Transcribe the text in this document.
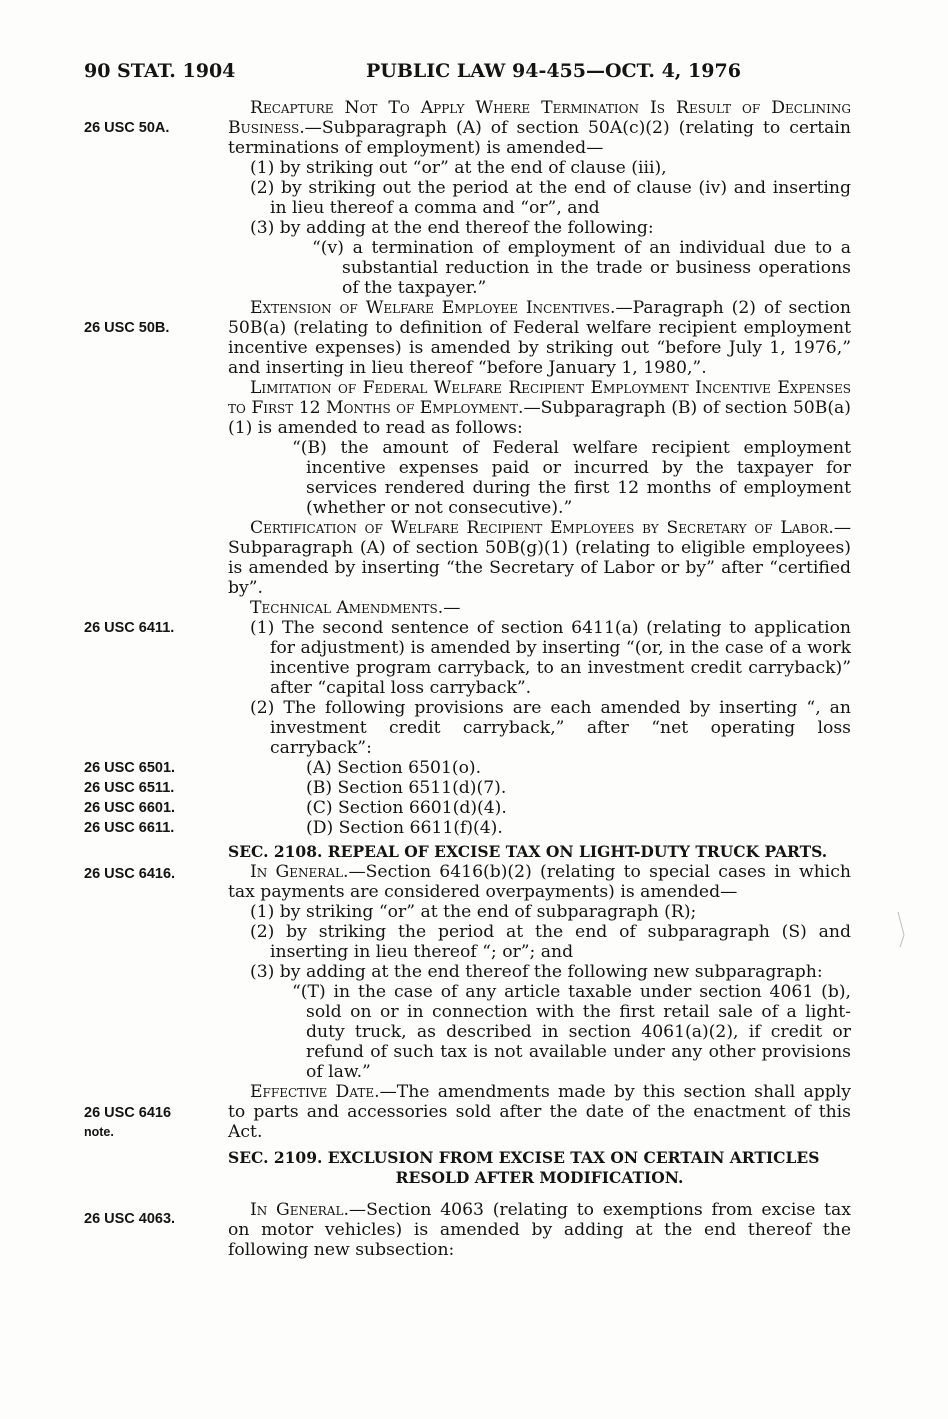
90 STAT. 1904	PUBLIC LAW 94-455—OCT. 4, 1976
26 USC 50A.
26 USC 50B.
26 USC 6411.
26 USC 6501.
26 USC 6511.
26 USC 6601.
26 USC 6611.
26 USC 6416.
26 USC 6416
note.
26 USC 4063.

Recapture Not To Apply Where Termination Is Result of Declining Business.—Subparagraph (A) of section 50A(c)(2) (relating to certain terminations of employment) is amended—

(1) by striking out “or” at the end of clause (iii),

(2) by striking out the period at the end of clause (iv) and inserting in lieu thereof a comma and “or”, and

(3) by adding at the end thereof the following:

“(v) a termination of employment of an individual due to a substantial reduction in the trade or business operations of the taxpayer.”

Extension of Welfare Employee Incentives.—Paragraph (2) of section 50B(a) (relating to definition of Federal welfare recipient employment incentive expenses) is amended by striking out “before July 1, 1976,” and inserting in lieu thereof “before January 1, 1980,”.

Limitation of Federal Welfare Recipient Employment Incentive Expenses to First 12 Months of Employment.—Subparagraph (B) of section 50B(a)(1) is amended to read as follows:

“(B) the amount of Federal welfare recipient employment incentive expenses paid or incurred by the taxpayer for services rendered during the first 12 months of employment (whether or not consecutive).”

Certification of Welfare Recipient Employees by Secretary of Labor.—Subparagraph (A) of section 50B(g)(1) (relating to eligible employees) is amended by inserting “the Secretary of Labor or by” after “certified by”.

Technical Amendments.—

(1) The second sentence of section 6411(a) (relating to application for adjustment) is amended by inserting “(or, in the case of a work incentive program carryback, to an investment credit carryback)” after “capital loss carryback”.

(2) The following provisions are each amended by inserting “, an investment credit carryback,” after “net operating loss carryback”:

(A) Section 6501(o).

(B) Section 6511(d)(7).

(C) Section 6601(d)(4).

(D) Section 6611(f)(4).

SEC. 2108. REPEAL OF EXCISE TAX ON LIGHT-DUTY TRUCK PARTS.

In General.—Section 6416(b)(2) (relating to special cases in which tax payments are considered overpayments) is amended—

(1) by striking “or” at the end of subparagraph (R);

(2) by striking the period at the end of subparagraph (S) and inserting in lieu thereof “; or”; and

(3) by adding at the end thereof the following new subparagraph:

“(T) in the case of any article taxable under section 4061 (b), sold on or in connection with the first retail sale of a light-duty truck, as described in section 4061(a)(2), if credit or refund of such tax is not available under any other provisions of law.”

Effective Date.—The amendments made by this section shall apply to parts and accessories sold after the date of the enactment of this Act.

SEC. 2109. EXCLUSION FROM EXCISE TAX ON CERTAIN ARTICLES

RESOLD AFTER MODIFICATION.

In General.—Section 4063 (relating to exemptions from excise tax on motor vehicles) is amended by adding at the end thereof the following new subsection:
